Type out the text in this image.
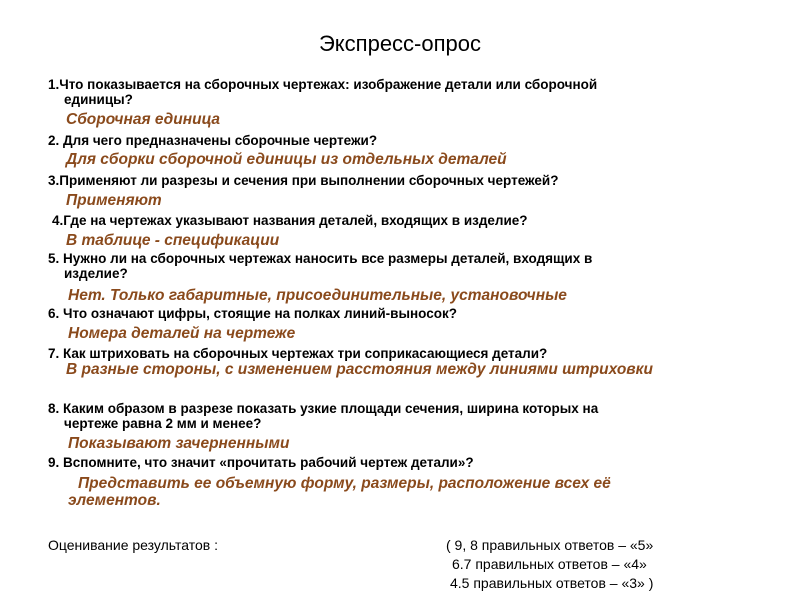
Экспресс-опрос
1.Что показывается на сборочных чертежах: изображение детали или сборочной
единицы?
Сборочная единица
2. Для чего предназначены сборочные чертежи?
Для сборки сборочной единицы из отдельных деталей
3.Применяют ли разрезы и сечения при выполнении сборочных чертежей?
Применяют
4.Где на чертежах указывают названия деталей, входящих в изделие?
В таблице - спецификации
5. Нужно ли на сборочных чертежах наносить все размеры деталей, входящих в
изделие?
Нет. Только габаритные, присоединительные, установочные
6. Что означают цифры, стоящие на полках линий-выносок?
Номера деталей на чертеже
7. Как штриховать на сборочных чертежах три соприкасающиеся детали?
В разные стороны, с изменением расстояния между линиями штриховки
8. Каким образом в разрезе показать узкие площади сечения, ширина которых на
чертеже равна 2 мм и менее?
Показывают зачерненными
9. Вспомните, что значит «прочитать рабочий чертеж детали»?
Представить ее объемную форму, размеры, расположение всех её
элементов.
Оценивание результатов :	( 9, 8 правильных ответов – «5»
6.7 правильных ответов – «4»
4.5 правильных ответов – «3» )
